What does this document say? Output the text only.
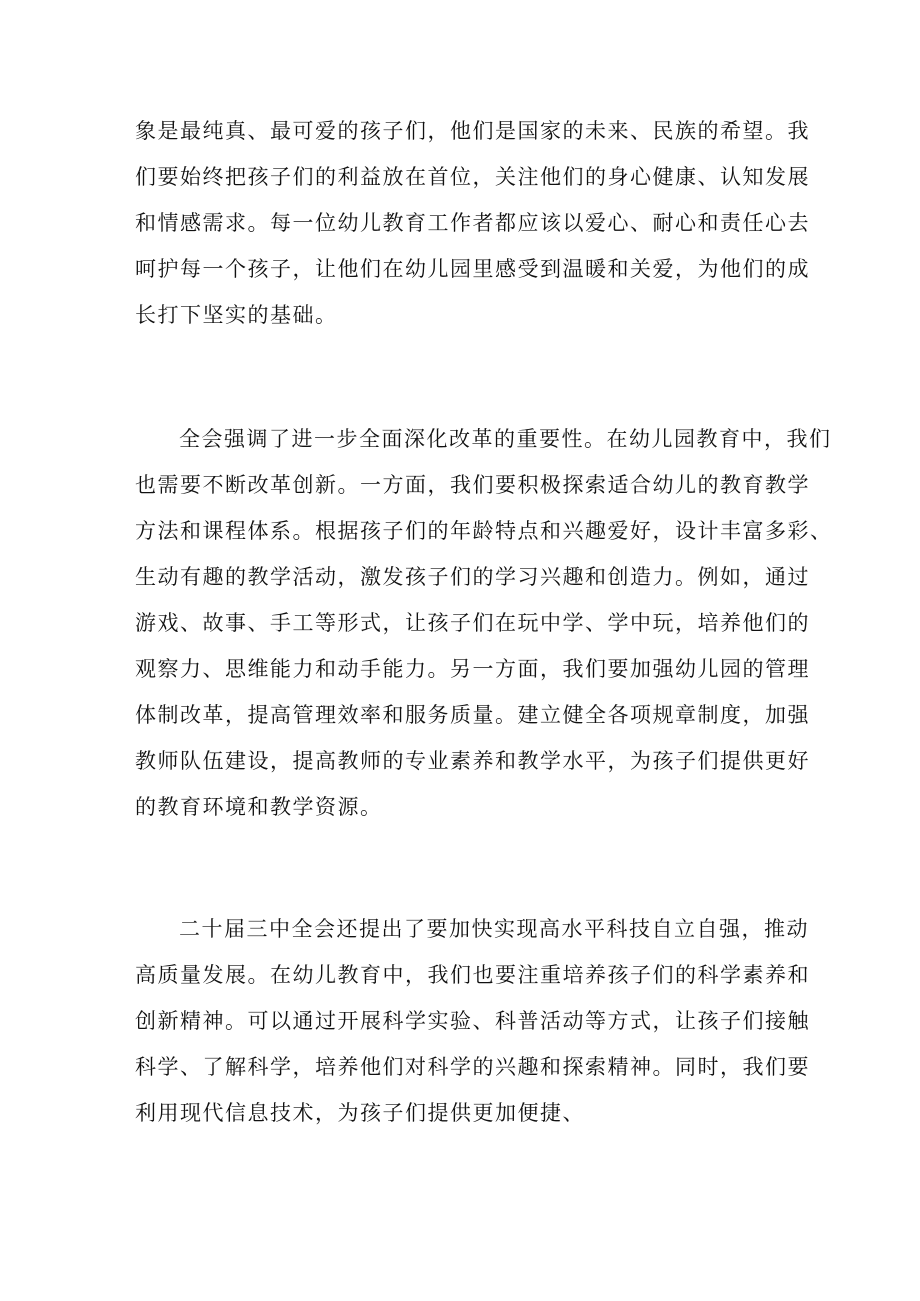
象是最纯真、最可爱的孩子们，他们是国家的未来、民族的希望。我
们要始终把孩子们的利益放在首位，关注他们的身心健康、认知发展
和情感需求。每一位幼儿教育工作者都应该以爱心、耐心和责任心去
呵护每一个孩子，让他们在幼儿园里感受到温暖和关爱，为他们的成
长打下坚实的基础。

全会强调了进一步全面深化改革的重要性。在幼儿园教育中，我们
也需要不断改革创新。一方面，我们要积极探索适合幼儿的教育教学
方法和课程体系。根据孩子们的年龄特点和兴趣爱好，设计丰富多彩、
生动有趣的教学活动，激发孩子们的学习兴趣和创造力。例如，通过
游戏、故事、手工等形式，让孩子们在玩中学、学中玩，培养他们的
观察力、思维能力和动手能力。另一方面，我们要加强幼儿园的管理
体制改革，提高管理效率和服务质量。建立健全各项规章制度，加强
教师队伍建设，提高教师的专业素养和教学水平，为孩子们提供更好
的教育环境和教学资源。

二十届三中全会还提出了要加快实现高水平科技自立自强，推动
高质量发展。在幼儿教育中，我们也要注重培养孩子们的科学素养和
创新精神。可以通过开展科学实验、科普活动等方式，让孩子们接触
科学、了解科学，培养他们对科学的兴趣和探索精神。同时，我们要
利用现代信息技术，为孩子们提供更加便捷、
